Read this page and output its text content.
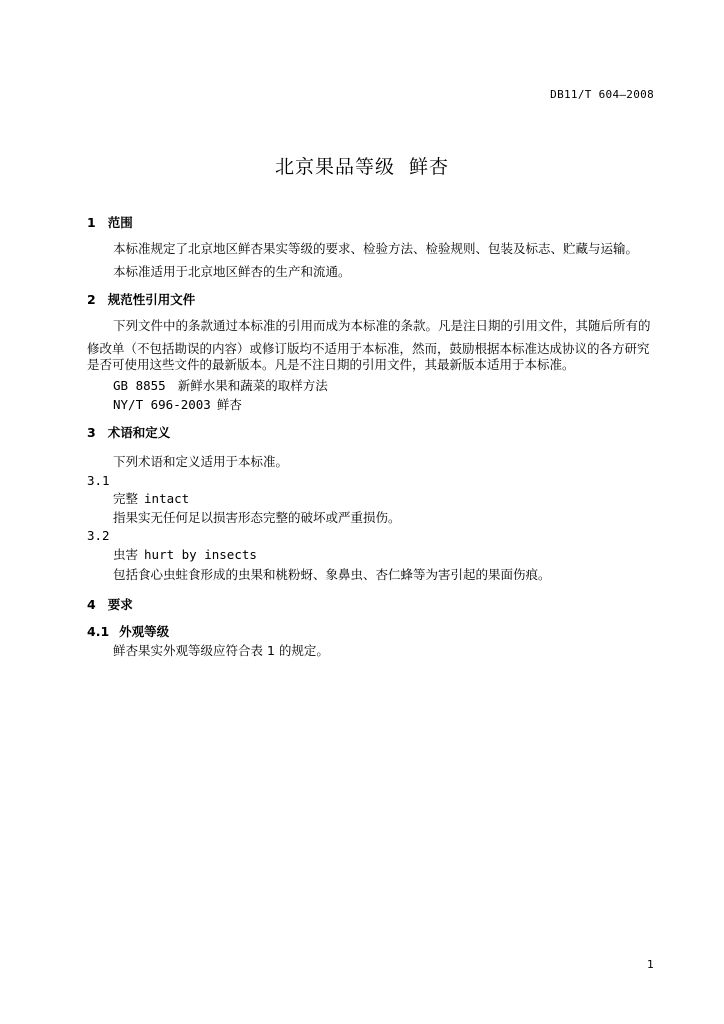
DB11/T 604—2008
北京果品等级 鲜杏
1 范围
本标准规定了北京地区鲜杏果实等级的要求、检验方法、检验规则、包装及标志、贮藏与运输。
本标准适用于北京地区鲜杏的生产和流通。
2 规范性引用文件
下列文件中的条款通过本标准的引用而成为本标准的条款。凡是注日期的引用文件，其随后所有的
修改单（不包括勘误的内容）或修订版均不适用于本标准，然而，鼓励根据本标准达成协议的各方研究
是否可使用这些文件的最新版本。凡是不注日期的引用文件，其最新版本适用于本标准。
GB 8855 新鲜水果和蔬菜的取样方法
NY/T 696-2003 鲜杏
3 术语和定义
下列术语和定义适用于本标准。
3.1
完整 intact
指果实无任何足以损害形态完整的破坏或严重损伤。
3.2
虫害 hurt by insects
包括食心虫蛀食形成的虫果和桃粉蚜、象鼻虫、杏仁蜂等为害引起的果面伤痕。
4 要求
4.1 外观等级
鲜杏果实外观等级应符合表 1 的规定。
1
